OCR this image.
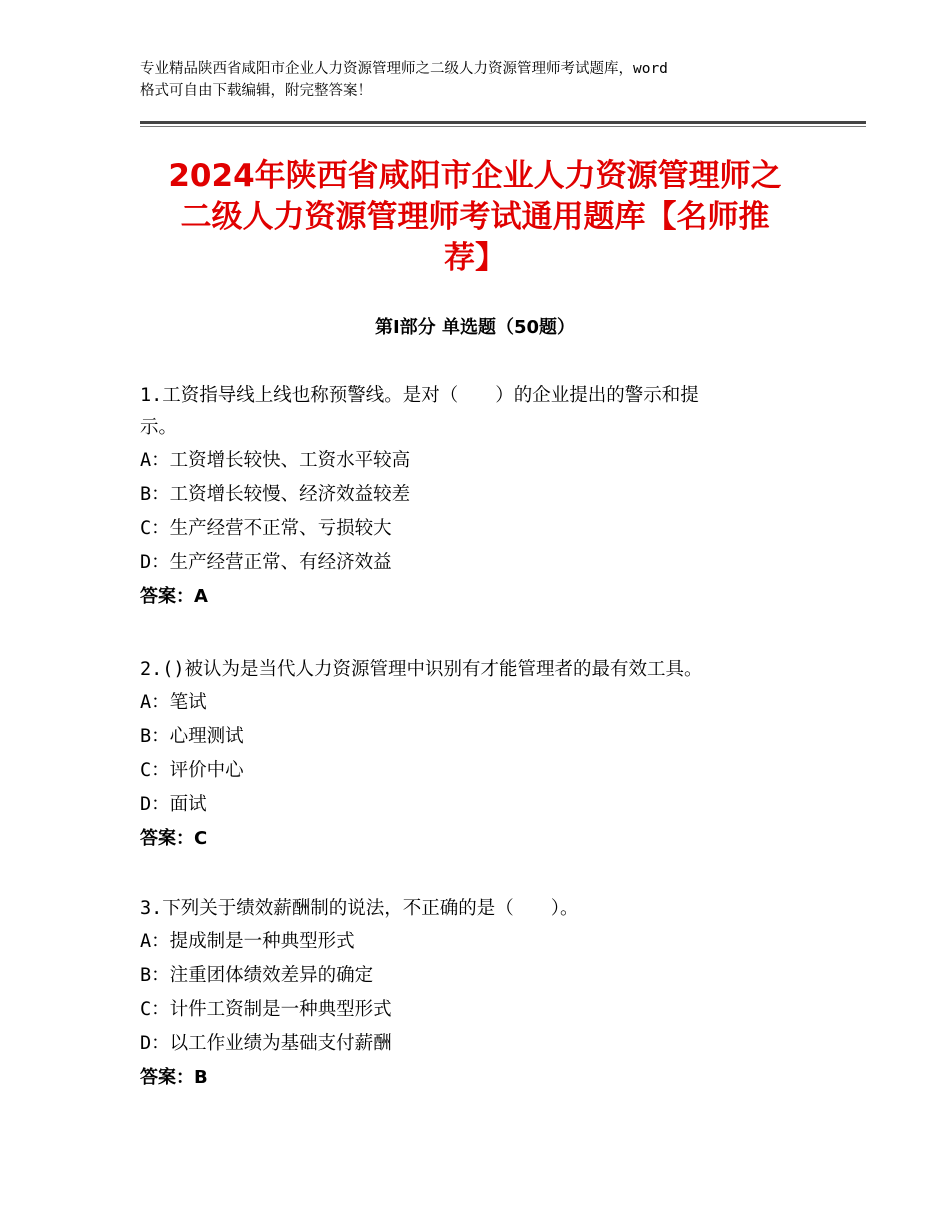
专业精品陕西省咸阳市企业人力资源管理师之二级人力资源管理师考试题库，word
格式可自由下载编辑，附完整答案！
2024年陕西省咸阳市企业人力资源管理师之
二级人力资源管理师考试通用题库【名师推
荐】
第Ⅰ部分 单选题（50题）
1.工资指导线上线也称预警线。是对（　　）的企业提出的警示和提
示。
A：工资增长较快、工资水平较高
B：工资增长较慢、经济效益较差
C：生产经营不正常、亏损较大
D：生产经营正常、有经济效益
答案：A
2.()被认为是当代人力资源管理中识别有才能管理者的最有效工具。
A：笔试
B：心理测试
C：评价中心
D：面试
答案：C
3.下列关于绩效薪酬制的说法，不正确的是（　　）。
A：提成制是一种典型形式
B：注重团体绩效差异的确定
C：计件工资制是一种典型形式
D：以工作业绩为基础支付薪酬
答案：B
